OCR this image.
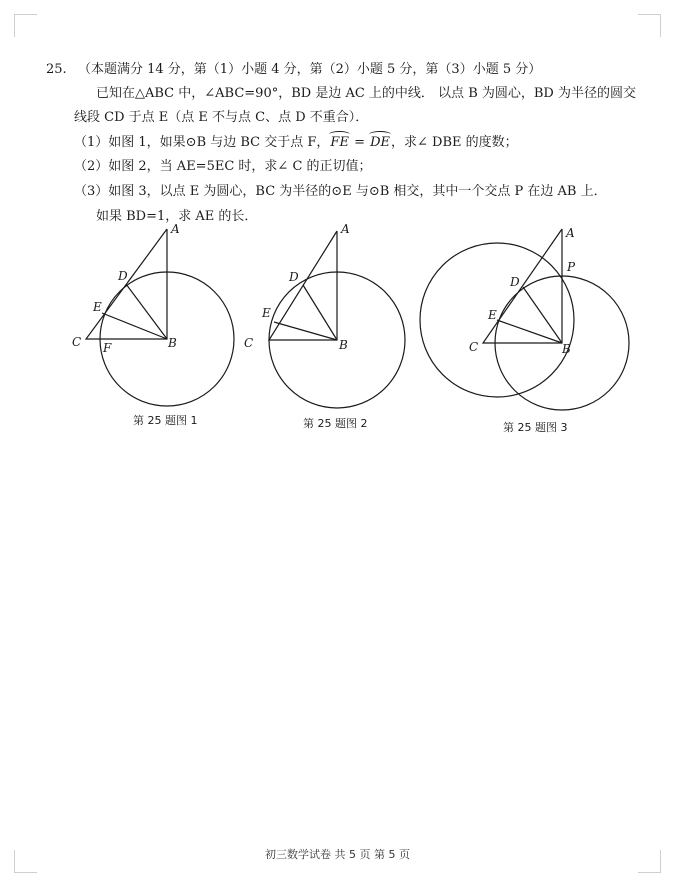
25. （本题满分 14 分，第（1）小题 4 分，第（2）小题 5 分，第（3）小题 5 分）
已知在△ABC 中，∠ABC=90°，BD 是边 AC 上的中线． 以点 B 为圆心，BD 为半径的圆交
线段 CD 于点 E（点 E 不与点 C、点 D 不重合）．
（1）如图 1，如果⊙B 与边 BC 交于点 F，FE = DE，求∠ DBE 的度数；
（2）如图 2，当 AE=5EC 时，求∠ C 的正切值；
（3）如图 3，以点 E 为圆心，BC 为半径的⊙E 与⊙B 相交，其中一个交点 P 在边 AB 上．
如果 BD=1，求 AE 的长．
A
D
E
C F	B
A
D
E
C	B
A
P
D
E
C	B
第 25 题图 1	第 25 题图 2	第 25 题图 3
初三数学试卷 共 5 页 第 5 页
